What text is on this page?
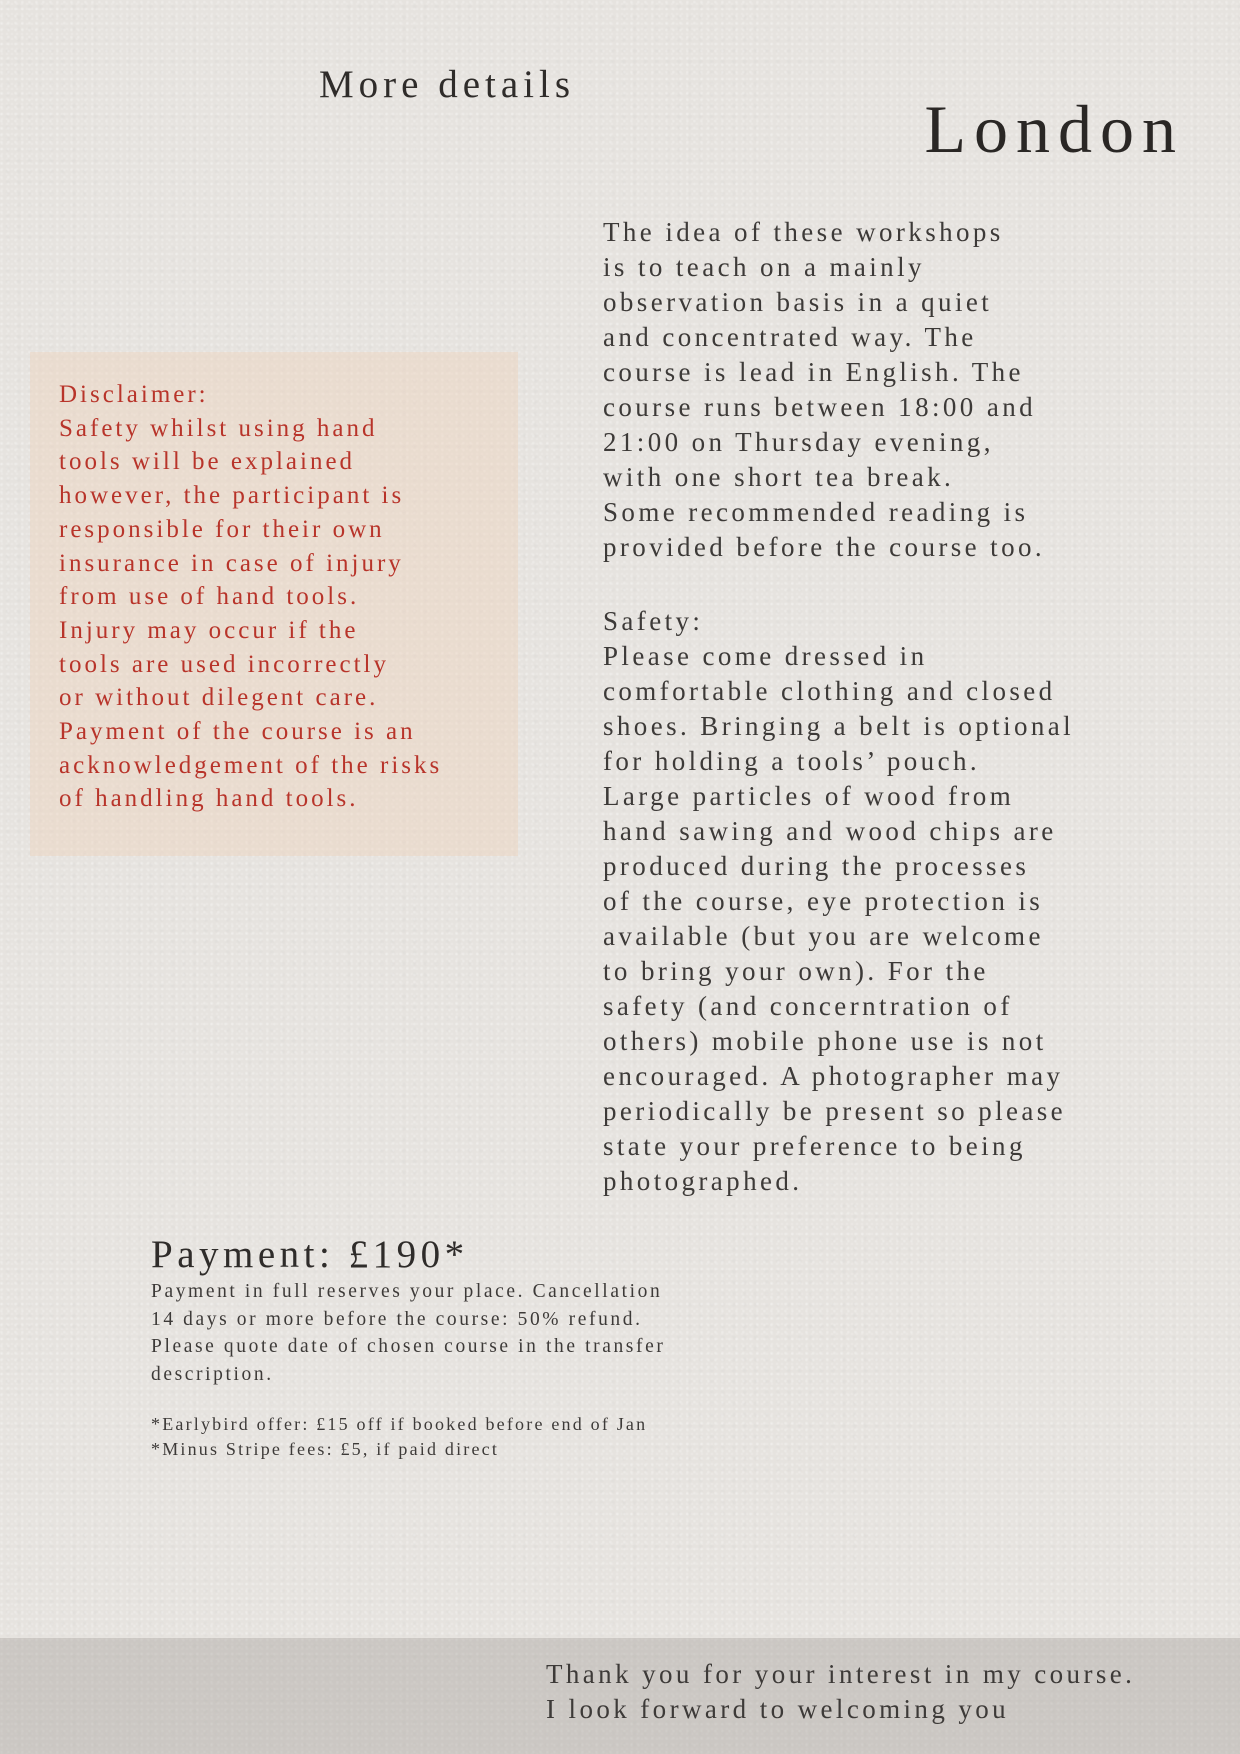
More details
London

Disclaimer:
Safety whilst using hand
tools will be explained
however, the participant is
responsible for their own
insurance in case of injury
from use of hand tools.
Injury may occur if the
tools are used incorrectly
or without dilegent care.
Payment of the course is an
acknowledgement of the risks
of handling hand tools.

The idea of these workshops
is to teach on a mainly
observation basis in a quiet
and concentrated way. The
course is lead in English. The
course runs between 18:00 and
21:00 on Thursday evening,
with one short tea break.
Some recommended reading is
provided before the course too.

Safety:

Please come dressed in
comfortable clothing and closed
shoes. Bringing a belt is optional
for holding a tools’ pouch.
Large particles of wood from
hand sawing and wood chips are
produced during the processes
of the course, eye protection is
available (but you are welcome
to bring your own). For the
safety (and concerntration of
others) mobile phone use is not
encouraged. A photographer may
periodically be present so please
state your preference to being
photographed.

Payment: £190*

Payment in full reserves your place. Cancellation
14 days or more before the course: 50% refund.
Please quote date of chosen course in the transfer
description.

*Earlybird offer: £15 off if booked before end of Jan
*Minus Stripe fees: £5, if paid direct

Thank you for your interest in my course.
I look forward to welcoming you
